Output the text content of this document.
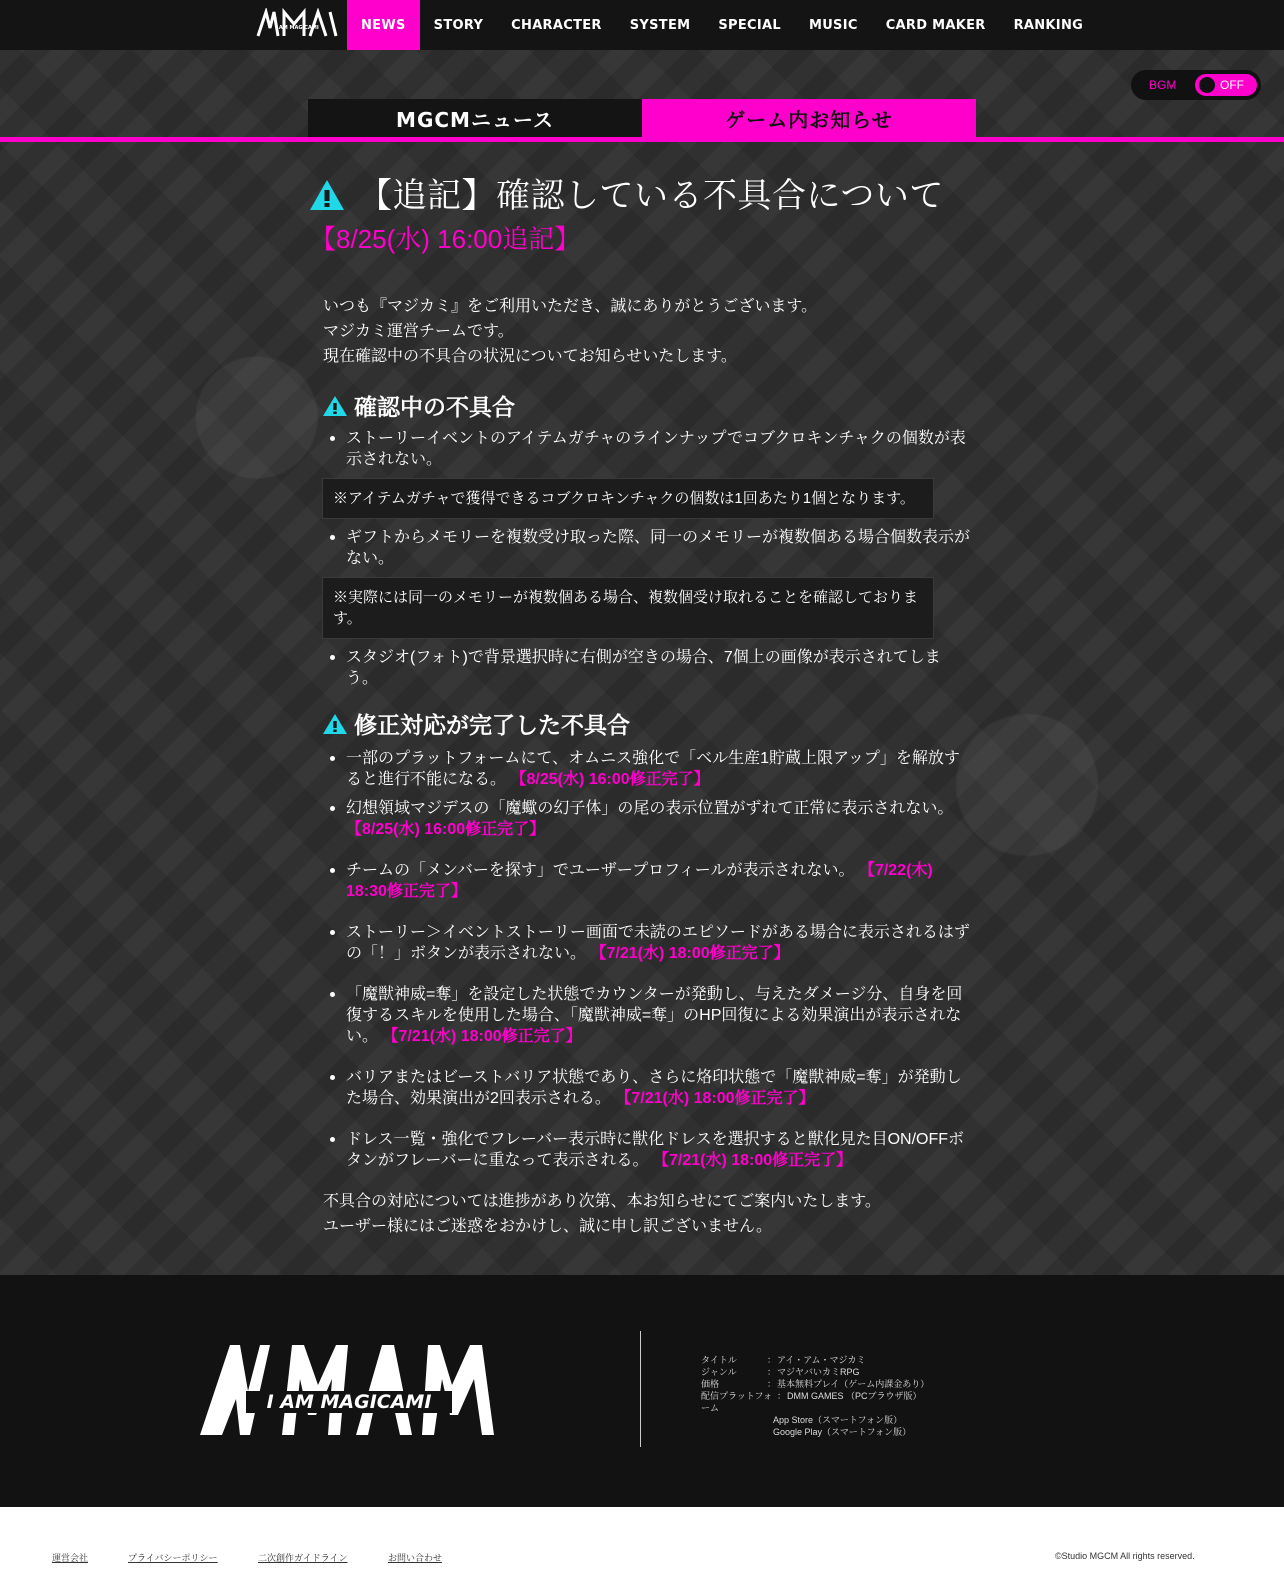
I AM MAGICAMI	NEWS	STORY	CHARACTER	SYSTEM	SPECIAL	MUSIC	CARD MAKER	RANKING
BGM	OFF
MGCMニュース	ゲーム内お知らせ
【追記】確認している不具合について
【8/25(水) 16:00追記】

いつも『マジカミ』をご利用いただき、誠にありがとうございます。

マジカミ運営チームです。

現在確認中の不具合の状況についてお知らせいたします。

確認中の不具合
ストーリーイベントのアイテムガチャのラインナップでコブクロキンチャクの個数が表示されない。
※アイテムガチャで獲得できるコブクロキンチャクの個数は1回あたり1個となります。
ギフトからメモリーを複数受け取った際、同一のメモリーが複数個ある場合個数表示がない。
※実際には同一のメモリーが複数個ある場合、複数個受け取れることを確認しております。
スタジオ(フォト)で背景選択時に右側が空きの場合、7個上の画像が表示されてしまう。
修正対応が完了した不具合
一部のプラットフォームにて、オムニス強化で「ベル生産1貯蔵上限アップ」を解放すると進行不能になる。 【8/25(水) 16:00修正完了】
幻想領域マジデスの「魔蠍の幻子体」の尾の表示位置がずれて正常に表示されない。 【8/25(水) 16:00修正完了】
チームの「メンバーを探す」でユーザープロフィールが表示されない。 【7/22(木) 18:30修正完了】
ストーリー＞イベントストーリー画面で未読のエピソードがある場合に表示されるはずの「！」ボタンが表示されない。 【7/21(水) 18:00修正完了】
「魔獣神威=奪」を設定した状態でカウンターが発動し、与えたダメージ分、自身を回復するスキルを使用した場合、「魔獣神威=奪」のHP回復による効果演出が表示されない。 【7/21(水) 18:00修正完了】
バリアまたはビーストバリア状態であり、さらに烙印状態で「魔獣神威=奪」が発動した場合、効果演出が2回表示される。 【7/21(水) 18:00修正完了】
ドレス一覧・強化でフレーバー表示時に獣化ドレスを選択すると獣化見た目ON/OFFボタンがフレーバーに重なって表示される。 【7/21(水) 18:00修正完了】

不具合の対応については進捗があり次第、本お知らせにてご案内いたします。

ユーザー様にはご迷惑をおかけし、誠に申し訳ございません。

I AM MAGICAMI
タイトル	： アイ・アム・マジカミ
ジャンル	： マジヤバいカミRPG
価格	： 基本無料プレイ（ゲーム内課金あり）
配信プラットフォーム
： DMM GAMES （PCブラウザ版）
App Store（スマートフォン版）
Google Play（スマートフォン版）
運営会社	プライバシーポリシー	二次創作ガイドライン	お問い合わせ	©Studio MGCM All rights reserved.
